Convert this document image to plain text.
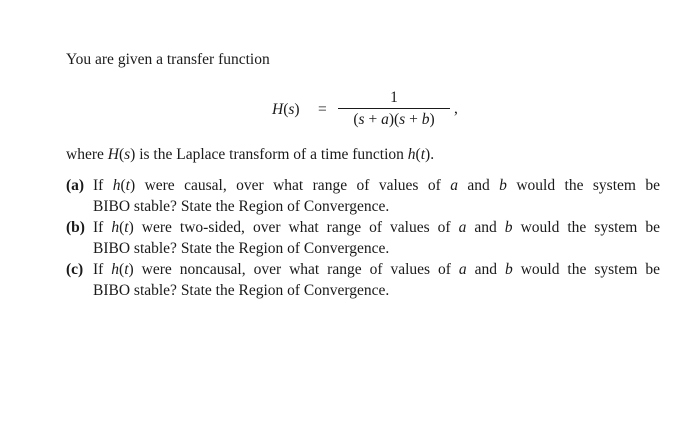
You are given a transfer function
H(s) =
1
(s + a)(s + b)
,
where H(s) is the Laplace transform of a time function h(t).
(a) If h(t) were causal, over what range of values of a and b would the system be
BIBO stable? State the Region of Convergence.
(b) If h(t) were two-sided, over what range of values of a and b would the system be
BIBO stable? State the Region of Convergence.
(c) If h(t) were noncausal, over what range of values of a and b would the system be
BIBO stable? State the Region of Convergence.
